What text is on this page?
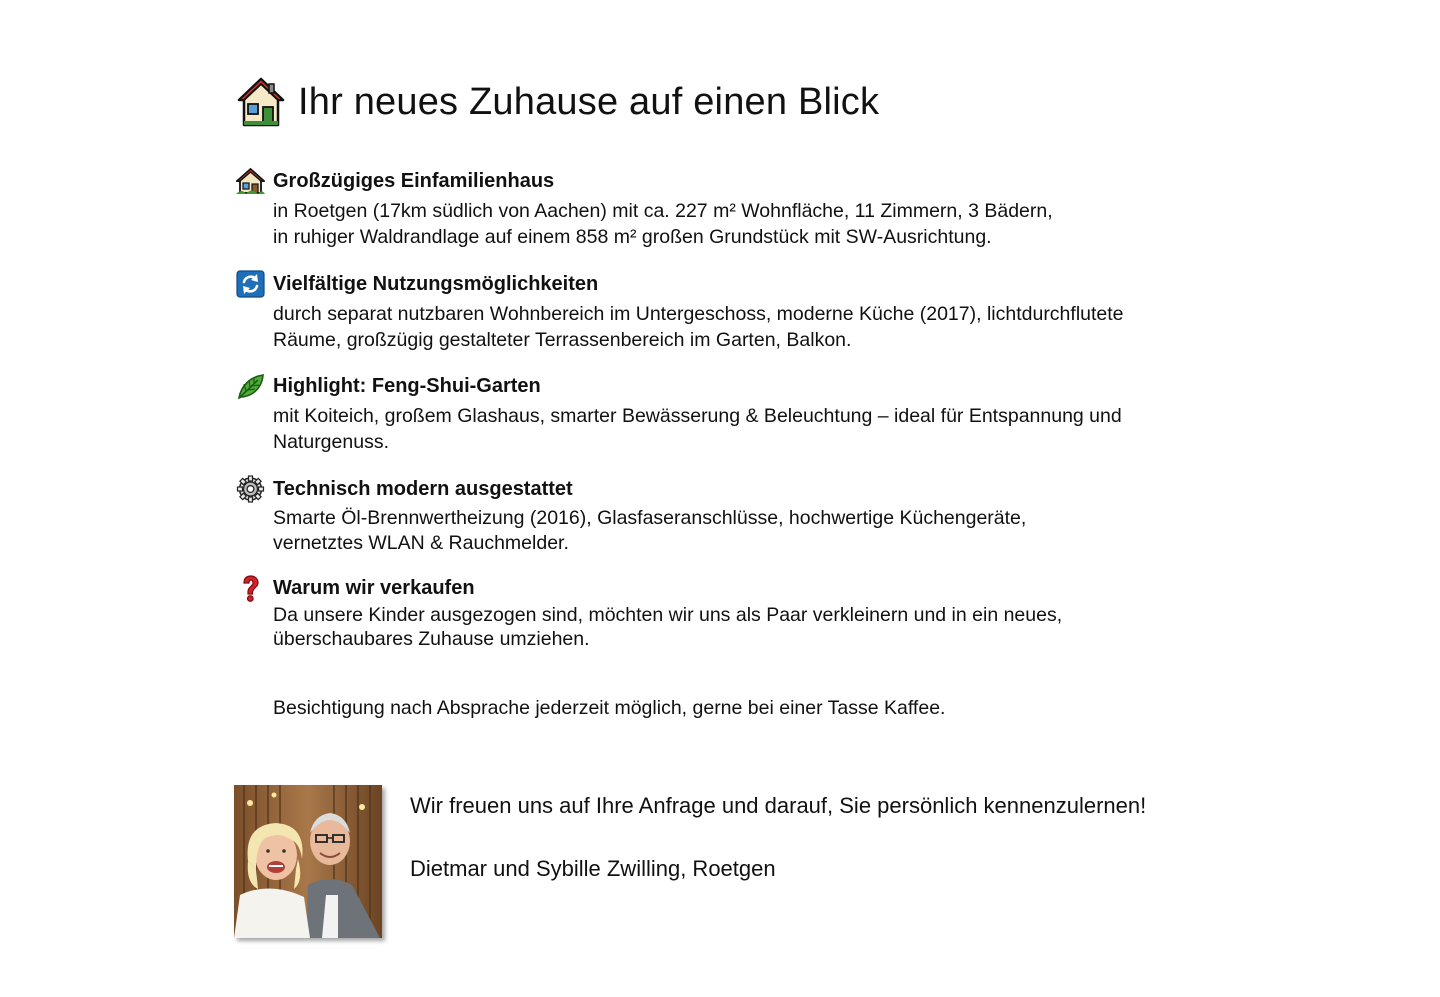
Ihr neues Zuhause auf einen Blick
Großzügiges Einfamilienhaus
in Roetgen (17km südlich von Aachen) mit ca. 227 m² Wohnfläche, 11 Zimmern, 3 Bädern,
in ruhiger Waldrandlage auf einem 858 m² großen Grundstück mit SW-Ausrichtung.
Vielfältige Nutzungsmöglichkeiten
durch separat nutzbaren Wohnbereich im Untergeschoss, moderne Küche (2017), lichtdurchflutete
Räume, großzügig gestalteter Terrassenbereich im Garten, Balkon.
Highlight: Feng-Shui-Garten
mit Koiteich, großem Glashaus, smarter Bewässerung & Beleuchtung – ideal für Entspannung und
Naturgenuss.
Technisch modern ausgestattet
Smarte Öl-Brennwertheizung (2016), Glasfaseranschlüsse, hochwertige Küchengeräte,
vernetztes WLAN & Rauchmelder.
Warum wir verkaufen
Da unsere Kinder ausgezogen sind, möchten wir uns als Paar verkleinern und in ein neues,
überschaubares Zuhause umziehen.
Besichtigung nach Absprache jederzeit möglich, gerne bei einer Tasse Kaffee.
Wir freuen uns auf Ihre Anfrage und darauf, Sie persönlich kennenzulernen!
Dietmar und Sybille Zwilling, Roetgen
